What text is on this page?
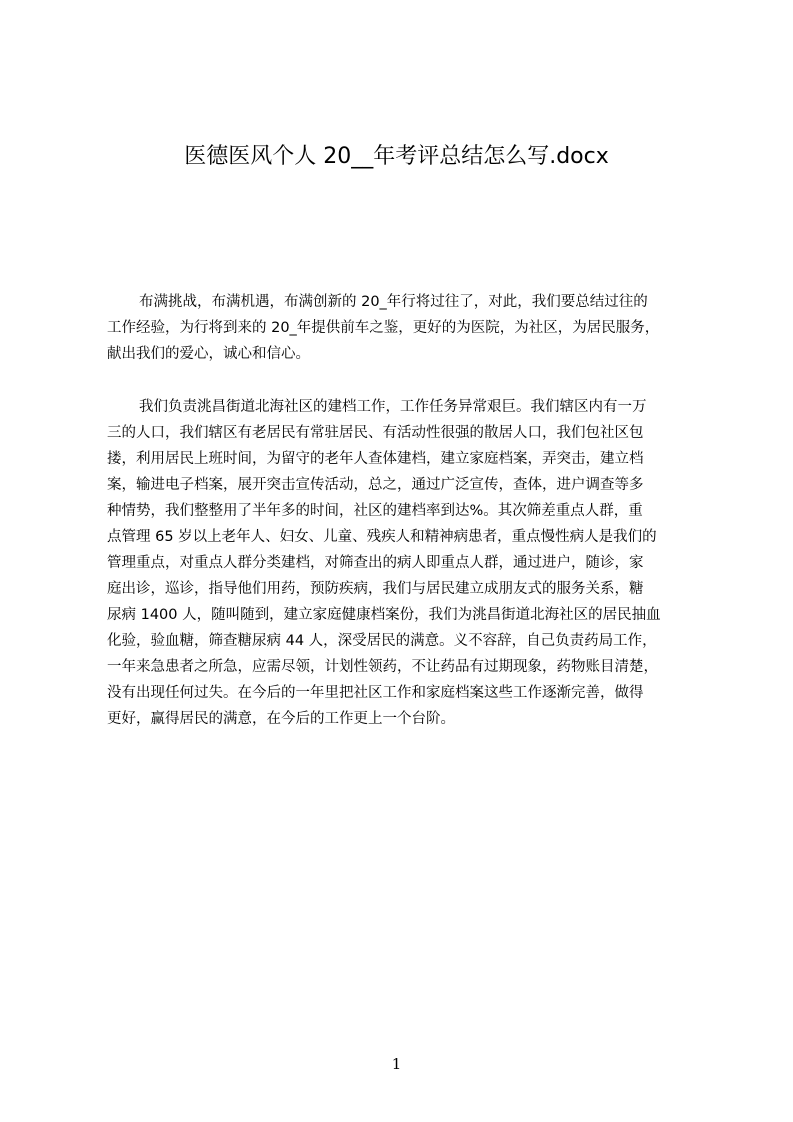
医德医风个人 20__年考评总结怎么写.docx
布满挑战，布满机遇，布满创新的 20_年行将过往了，对此，我们要总结过往的
工作经验，为行将到来的 20_年提供前车之鉴，更好的为医院，为社区，为居民服务，
献出我们的爱心，诚心和信心。
我们负责洮昌街道北海社区的建档工作，工作任务异常艰巨。我们辖区内有一万
三的人口，我们辖区有老居民有常驻居民、有活动性很强的散居人口，我们包社区包
搂，利用居民上班时间，为留守的老年人查体建档，建立家庭档案，弄突击，建立档
案，输进电子档案，展开突击宣传活动，总之，通过广泛宣传，查体，进户调查等多
种情势，我们整整用了半年多的时间，社区的建档率到达%。其次筛差重点人群，重
点管理 65 岁以上老年人、妇女、儿童、残疾人和精神病患者，重点慢性病人是我们的
管理重点，对重点人群分类建档，对筛查出的病人即重点人群，通过进户，随诊，家
庭出诊，巡诊，指导他们用药，预防疾病，我们与居民建立成朋友式的服务关系，糖
尿病 1400 人，随叫随到，建立家庭健康档案份，我们为洮昌街道北海社区的居民抽血
化验，验血糖，筛查糖尿病 44 人，深受居民的满意。义不容辞，自己负责药局工作，
一年来急患者之所急，应需尽领，计划性领药，不让药品有过期现象，药物账目清楚，
没有出现任何过失。在今后的一年里把社区工作和家庭档案这些工作逐渐完善，做得
更好，赢得居民的满意，在今后的工作更上一个台阶。
1
